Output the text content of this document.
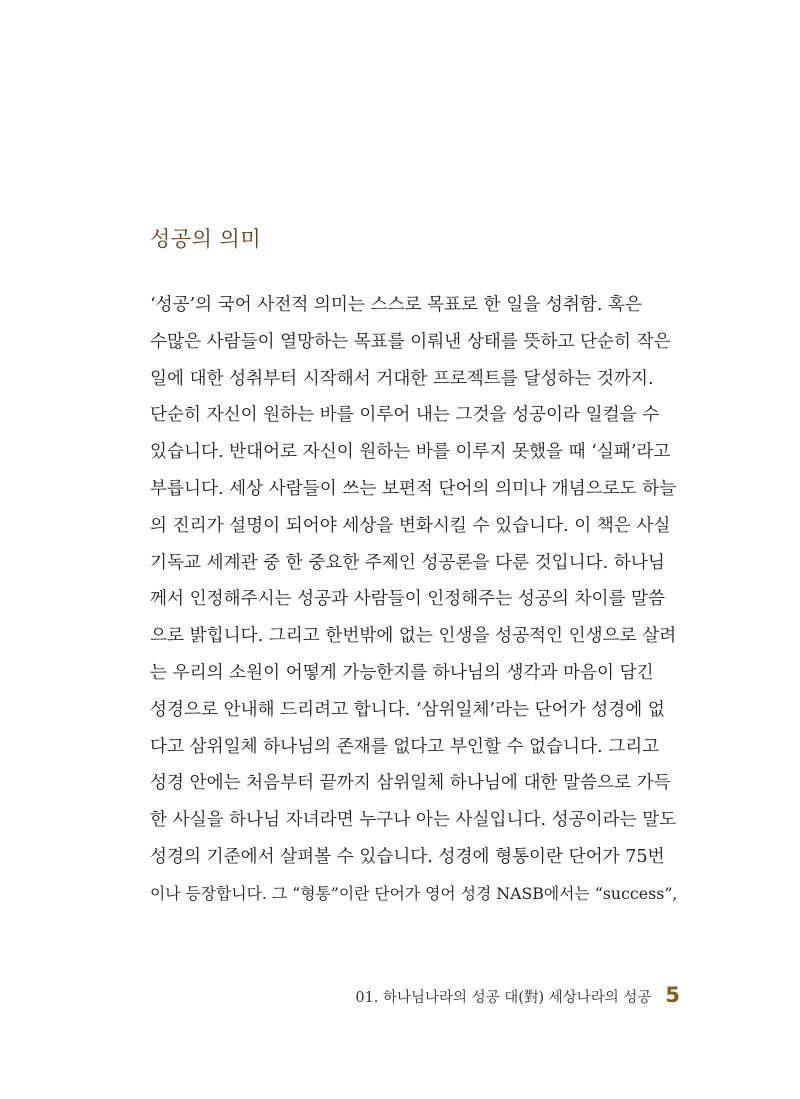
성공의 의미
‘성공’의 국어 사전적 의미는 스스로 목표로 한 일을 성취함. 혹은
수많은 사람들이 열망하는 목표를 이뤄낸 상태를 뜻하고 단순히 작은
일에 대한 성취부터 시작해서 거대한 프로젝트를 달성하는 것까지.
단순히 자신이 원하는 바를 이루어 내는 그것을 성공이라 일컬을 수
있습니다. 반대어로 자신이 원하는 바를 이루지 못했을 때 ‘실패’라고
부릅니다. 세상 사람들이 쓰는 보편적 단어의 의미나 개념으로도 하늘
의 진리가 설명이 되어야 세상을 변화시킬 수 있습니다. 이 책은 사실
기독교 세계관 중 한 중요한 주제인 성공론을 다룬 것입니다. 하나님
께서 인정해주시는 성공과 사람들이 인정해주는 성공의 차이를 말씀
으로 밝힙니다. 그리고 한번밖에 없는 인생을 성공적인 인생으로 살려
는 우리의 소원이 어떻게 가능한지를 하나님의 생각과 마음이 담긴
성경으로 안내해 드리려고 합니다. ‘삼위일체’라는 단어가 성경에 없
다고 삼위일체 하나님의 존재를 없다고 부인할 수 없습니다. 그리고
성경 안에는 처음부터 끝까지 삼위일체 하나님에 대한 말씀으로 가득
한 사실을 하나님 자녀라면 누구나 아는 사실입니다. 성공이라는 말도
성경의 기준에서 살펴볼 수 있습니다. 성경에 형통이란 단어가 75번
이나 등장합니다. 그 “형통”이란 단어가 영어 성경 NASB에서는 “success”,
01. 하나님나라의 성공 대(對) 세상나라의 성공 5
